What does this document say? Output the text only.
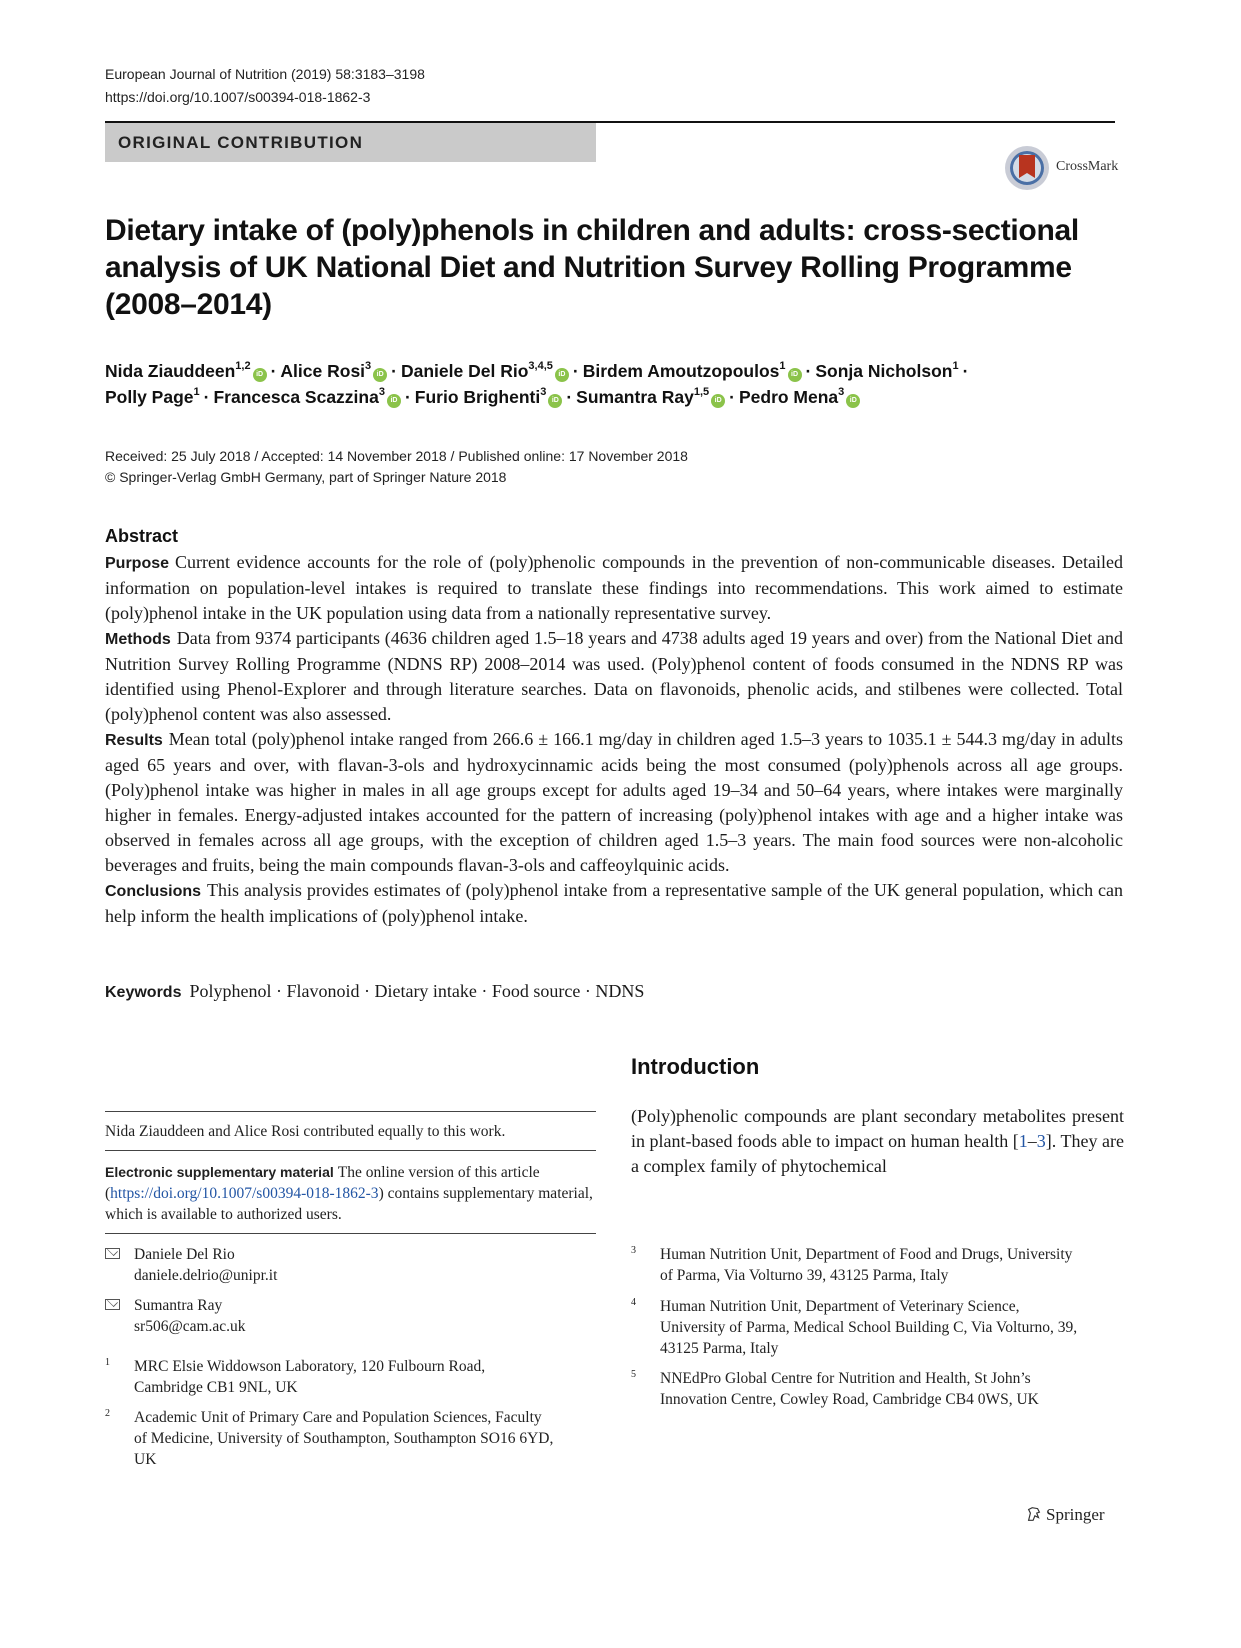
European Journal of Nutrition (2019) 58:3183–3198
https://doi.org/10.1007/s00394-018-1862-3
ORIGINAL CONTRIBUTION
CrossMark
Dietary intake of (poly)phenols in children and adults: cross-sectional analysis of UK National Diet and Nutrition Survey Rolling Programme (2008–2014)
Nida Ziauddeen$^{1,2}$iD · Alice Rosi$^3$iD · Daniele Del Rio$^{3,4,5}$iD · Birdem Amoutzopoulos$^1$iD · Sonja Nicholson$^1$ ·
Polly Page$^1$ · Francesca Scazzina$^3$iD · Furio Brighenti$^3$iD · Sumantra Ray$^{1,5}$iD · Pedro Mena$^3$iD
Received: 25 July 2018 / Accepted: 14 November 2018 / Published online: 17 November 2018
© Springer-Verlag GmbH Germany, part of Springer Nature 2018
Abstract

Purpose Current evidence accounts for the role of (poly)phenolic compounds in the prevention of non-communicable diseases. Detailed information on population-level intakes is required to translate these findings into recommendations. This work aimed to estimate (poly)phenol intake in the UK population using data from a nationally representative survey.

Methods Data from 9374 participants (4636 children aged 1.5–18 years and 4738 adults aged 19 years and over) from the National Diet and Nutrition Survey Rolling Programme (NDNS RP) 2008–2014 was used. (Poly)phenol content of foods consumed in the NDNS RP was identified using Phenol-Explorer and through literature searches. Data on flavonoids, phenolic acids, and stilbenes were collected. Total (poly)phenol content was also assessed.

Results Mean total (poly)phenol intake ranged from 266.6 ± 166.1 mg/day in children aged 1.5–3 years to 1035.1 ± 544.3 mg/day in adults aged 65 years and over, with flavan-3-ols and hydroxycinnamic acids being the most consumed (poly)phenols across all age groups. (Poly)phenol intake was higher in males in all age groups except for adults aged 19–34 and 50–64 years, where intakes were marginally higher in females. Energy-adjusted intakes accounted for the pattern of increasing (poly)phenol intakes with age and a higher intake was observed in females across all age groups, with the exception of children aged 1.5–3 years. The main food sources were non-alcoholic beverages and fruits, being the main compounds flavan-3-ols and caffeoylquinic acids.

Conclusions This analysis provides estimates of (poly)phenol intake from a representative sample of the UK general population, which can help inform the health implications of (poly)phenol intake.

Keywords Polyphenol · Flavonoid · Dietary intake · Food source · NDNS
Introduction
(Poly)phenolic compounds are plant secondary metabolites present in plant-based foods able to impact on human health [1–3]. They are a complex family of phytochemical
Nida Ziauddeen and Alice Rosi contributed equally to this work.
Electronic supplementary material The online version of this article (https://doi.org/10.1007/s00394-018-1862-3) contains supplementary material, which is available to authorized users.
Daniele Del Rio
daniele.delrio@unipr.it
Sumantra Ray
sr506@cam.ac.uk
1 MRC Elsie Widdowson Laboratory, 120 Fulbourn Road, Cambridge CB1 9NL, UK
2 Academic Unit of Primary Care and Population Sciences, Faculty of Medicine, University of Southampton, Southampton SO16 6YD, UK
3 Human Nutrition Unit, Department of Food and Drugs, University of Parma, Via Volturno 39, 43125 Parma, Italy
4 Human Nutrition Unit, Department of Veterinary Science, University of Parma, Medical School Building C, Via Volturno, 39, 43125 Parma, Italy
5 NNEdPro Global Centre for Nutrition and Health, St John’s Innovation Centre, Cowley Road, Cambridge CB4 0WS, UK
Springer
